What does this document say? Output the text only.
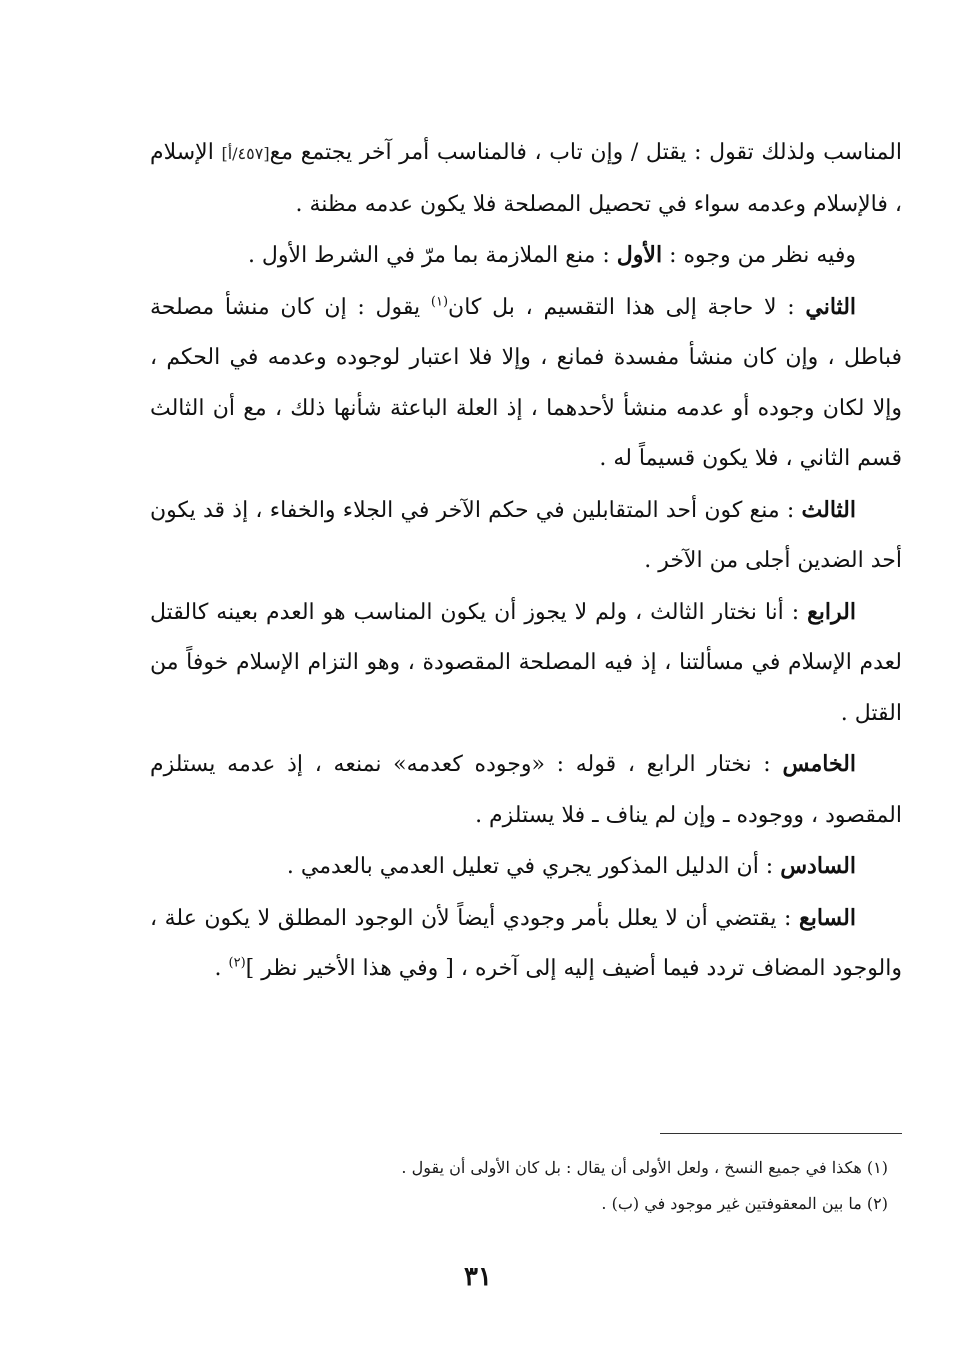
المناسب ولذلك تقول : يقتل / وإن تاب ، فالمناسب أمر آخر يجتمع مع[٤٥٧/أ] الإسلام ، فالإسلام وعدمه سواء في تحصيل المصلحة فلا يكون عدمه مظنة .

وفيه نظر من وجوه : الأول : منع الملازمة بما مرّ في الشرط الأول .

الثاني : لا حاجة إلى هذا التقسيم ، بل كان$^{(١)}$ يقول : إن كان منشأ مصلحة فباطل ، وإن كان منشأ مفسدة فمانع ، وإلا فلا اعتبار لوجوده وعدمه في الحكم ، وإلا لكان وجوده أو عدمه منشأ لأحدهما ، إذ العلة الباعثة شأنها ذلك ، مع أن الثالث قسم الثاني ، فلا يكون قسيماً له .

الثالث : منع كون أحد المتقابلين في حكم الآخر في الجلاء والخفاء ، إذ قد يكون أحد الضدين أجلى من الآخر .

الرابع : أنا نختار الثالث ، ولم لا يجوز أن يكون المناسب هو العدم بعينه كالقتل لعدم الإسلام في مسألتنا ، إذ فيه المصلحة المقصودة ، وهو التزام الإسلام خوفاً من القتل .

الخامس : نختار الرابع ، قوله : «وجوده كعدمه» نمنعه ، إذ عدمه يستلزم المقصود ، ووجوده ـ وإن لم يناف ـ فلا يستلزم .

السادس : أن الدليل المذكور يجري في تعليل العدمي بالعدمي .

السابع : يقتضي أن لا يعلل بأمر وجودي أيضاً لأن الوجود المطلق لا يكون علة ، والوجود المضاف تردد فيما أضيف إليه إلى آخره ، [ وفي هذا الأخير نظر ]$^{(٢)}$ .

(١) هكذا في جميع النسخ ، ولعل الأولى أن يقال : بل كان الأولى أن يقول .

(٢) ما بين المعقوفتين غير موجود في (ب) .

٣١
